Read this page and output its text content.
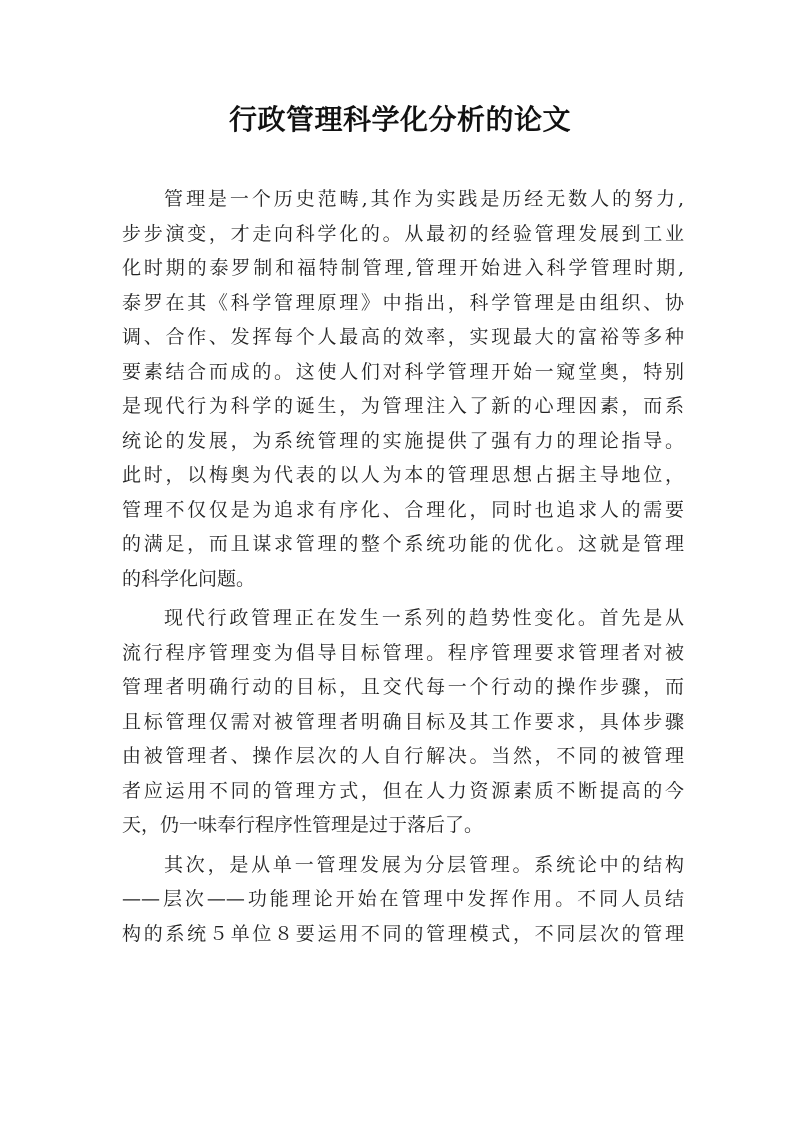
行政管理科学化分析的论文

管理是一个历史范畴,其作为实践是历经无数人的努力,
步步演变，才走向科学化的。从最初的经验管理发展到工业
化时期的泰罗制和福特制管理,管理开始进入科学管理时期,
泰罗在其《科学管理原理》中指出，科学管理是由组织、协
调、合作、发挥每个人最高的效率，实现最大的富裕等多种
要素结合而成的。这使人们对科学管理开始一窥堂奥，特别
是现代行为科学的诞生，为管理注入了新的心理因素，而系
统论的发展，为系统管理的实施提供了强有力的理论指导。
此时，以梅奥为代表的以人为本的管理思想占据主导地位，
管理不仅仅是为追求有序化、合理化，同时也追求人的需要
的满足，而且谋求管理的整个系统功能的优化。这就是管理
的科学化问题。

现代行政管理正在发生一系列的趋势性变化。首先是从
流行程序管理变为倡导目标管理。程序管理要求管理者对被
管理者明确行动的目标，且交代每一个行动的操作步骤，而
且标管理仅需对被管理者明确目标及其工作要求，具体步骤
由被管理者、操作层次的人自行解决。当然，不同的被管理
者应运用不同的管理方式，但在人力资源素质不断提高的今
天，仍一味奉行程序性管理是过于落后了。

其次，是从单一管理发展为分层管理。系统论中的结构
——层次——功能理论开始在管理中发挥作用。不同人员结
构的系统５单位８要运用不同的管理模式，不同层次的管理
